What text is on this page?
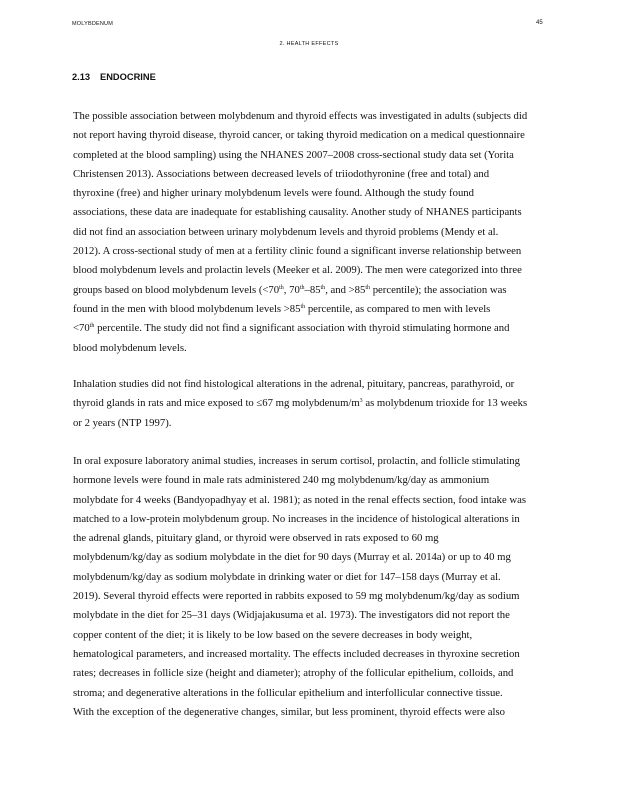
MOLYBDENUM	45
2. HEALTH EFFECTS
2.13 ENDOCRINE
The possible association between molybdenum and thyroid effects was investigated in adults (subjects did
not report having thyroid disease, thyroid cancer, or taking thyroid medication on a medical questionnaire
completed at the blood sampling) using the NHANES 2007–2008 cross-sectional study data set (Yorita
Christensen 2013). Associations between decreased levels of triiodothyronine (free and total) and
thyroxine (free) and higher urinary molybdenum levels were found. Although the study found
associations, these data are inadequate for establishing causality. Another study of NHANES participants
did not find an association between urinary molybdenum levels and thyroid problems (Mendy et al.
2012). A cross-sectional study of men at a fertility clinic found a significant inverse relationship between
blood molybdenum levels and prolactin levels (Meeker et al. 2009). The men were categorized into three
groups based on blood molybdenum levels (<70th, 70th–85th, and >85th percentile); the association was
found in the men with blood molybdenum levels >85th percentile, as compared to men with levels
<70th percentile. The study did not find a significant association with thyroid stimulating hormone and
blood molybdenum levels.
Inhalation studies did not find histological alterations in the adrenal, pituitary, pancreas, parathyroid, or
thyroid glands in rats and mice exposed to ≤67 mg molybdenum/$m^3$ as molybdenum trioxide for 13 weeks
or 2 years (NTP 1997).
In oral exposure laboratory animal studies, increases in serum cortisol, prolactin, and follicle stimulating
hormone levels were found in male rats administered 240 mg molybdenum/kg/day as ammonium
molybdate for 4 weeks (Bandyopadhyay et al. 1981); as noted in the renal effects section, food intake was
matched to a low-protein molybdenum group. No increases in the incidence of histological alterations in
the adrenal glands, pituitary gland, or thyroid were observed in rats exposed to 60 mg
molybdenum/kg/day as sodium molybdate in the diet for 90 days (Murray et al. 2014a) or up to 40 mg
molybdenum/kg/day as sodium molybdate in drinking water or diet for 147–158 days (Murray et al.
2019). Several thyroid effects were reported in rabbits exposed to 59 mg molybdenum/kg/day as sodium
molybdate in the diet for 25–31 days (Widjajakusuma et al. 1973). The investigators did not report the
copper content of the diet; it is likely to be low based on the severe decreases in body weight,
hematological parameters, and increased mortality. The effects included decreases in thyroxine secretion
rates; decreases in follicle size (height and diameter); atrophy of the follicular epithelium, colloids, and
stroma; and degenerative alterations in the follicular epithelium and interfollicular connective tissue.
With the exception of the degenerative changes, similar, but less prominent, thyroid effects were also
